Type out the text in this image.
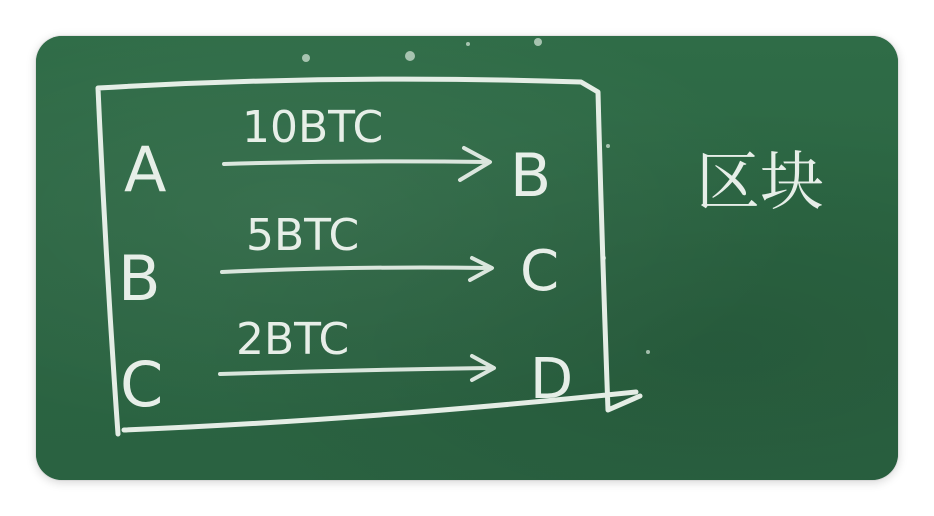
A
10BTC
B
B
5BTC
C
C
2BTC
D
区块
